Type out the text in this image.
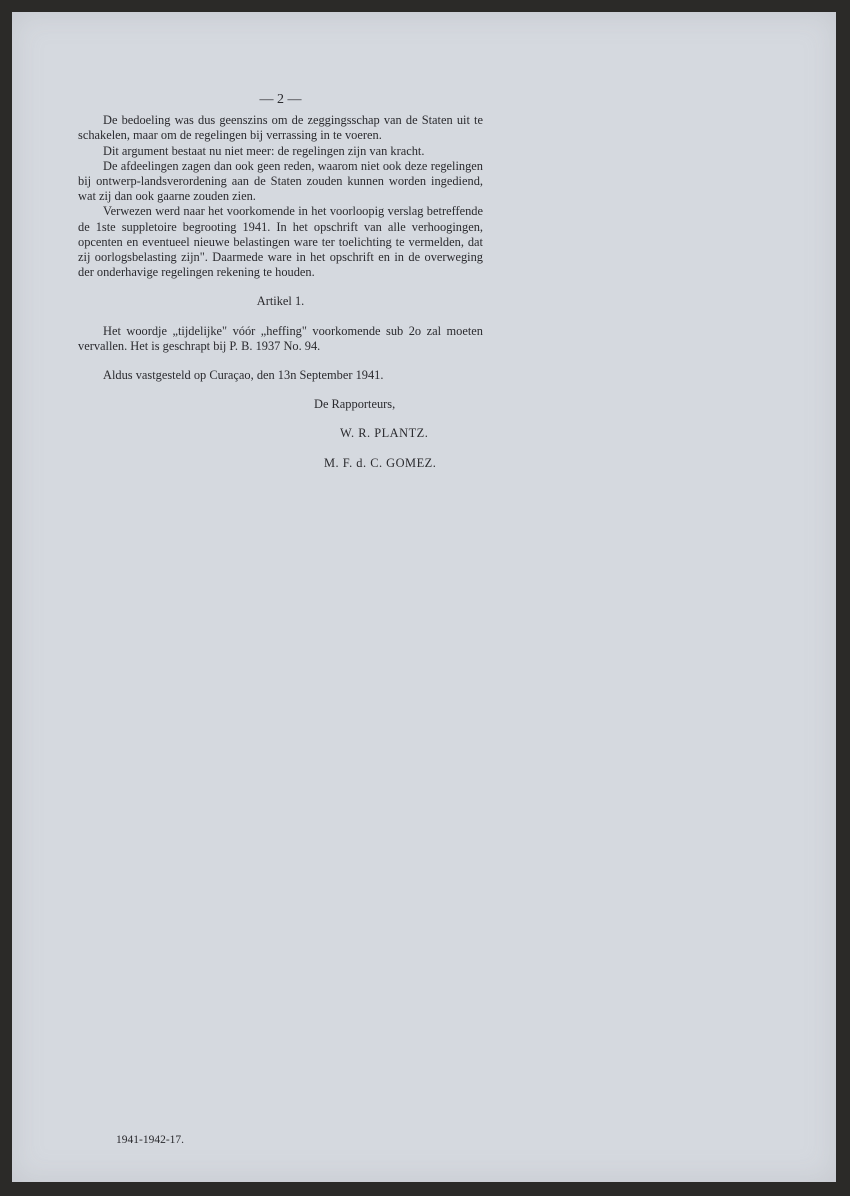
— 2 —

De bedoeling was dus geenszins om de zeggingsschap van de Staten uit te schakelen, maar om de regelingen bij verrassing in te voeren.

Dit argument bestaat nu niet meer: de regelingen zijn van kracht.

De afdeelingen zagen dan ook geen reden, waarom niet ook deze regelingen bij ontwerp-landsverordening aan de Staten zouden kunnen worden ingediend, wat zij dan ook gaarne zouden zien.

Verwezen werd naar het voorkomende in het voorloopig verslag betreffende de 1ste suppletoire begrooting 1941. In het opschrift van alle verhoogingen, opcenten en eventueel nieuwe belastingen ware ter toelichting te vermelden, dat zij oorlogsbelasting zijn". Daarmede ware in het opschrift en in de overweging der onderhavige regelingen rekening te houden.

Artikel 1.
Het woordje „tijdelijke" vóór „heffing" voorkomende sub 2o zal moeten vervallen. Het is geschrapt bij P. B. 1937 No. 94.
Aldus vastgesteld op Curaçao, den 13n September 1941.
De Rapporteurs,
W. R. PLANTZ.
M. F. d. C. GOMEZ.
1941-1942-17.
